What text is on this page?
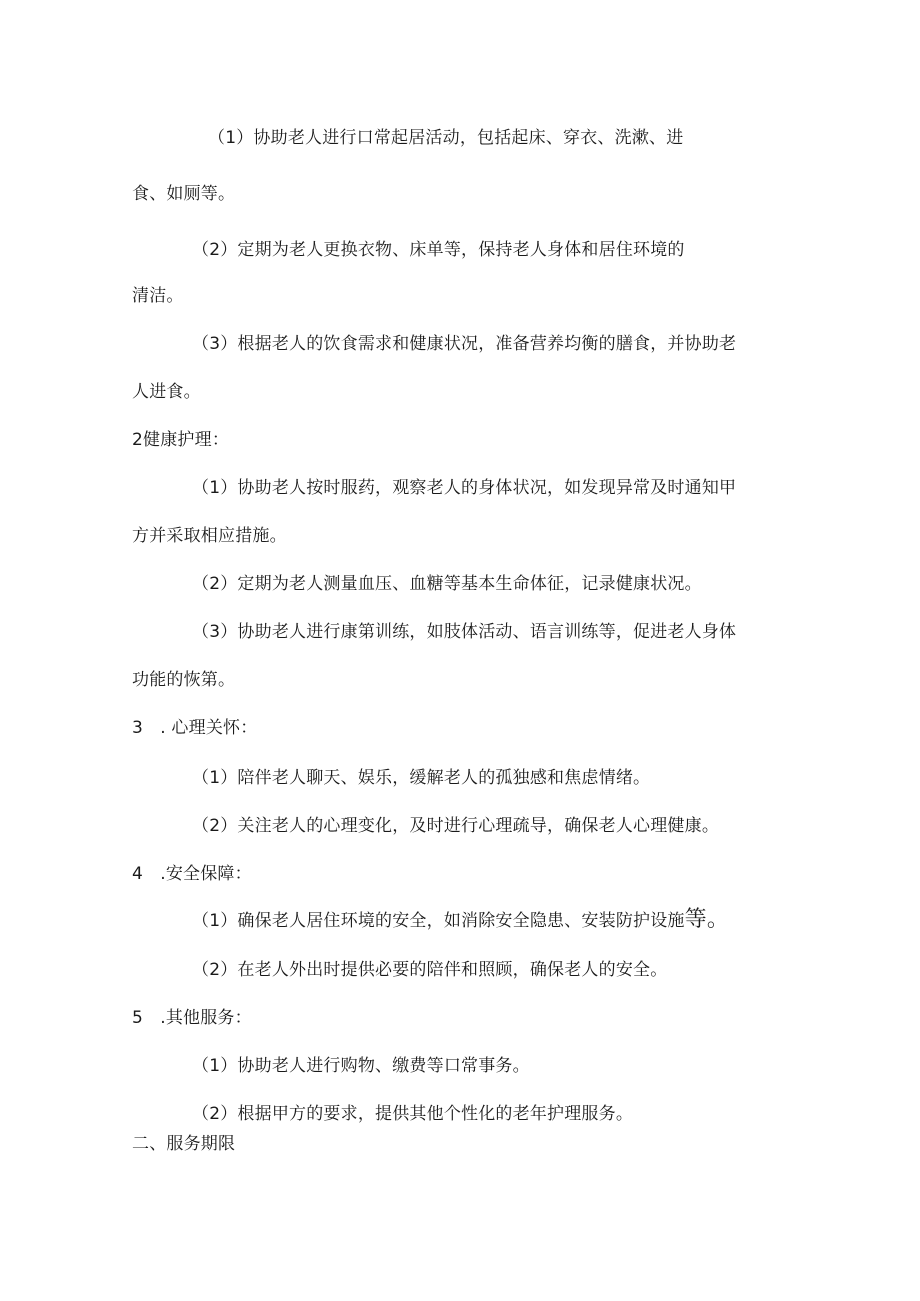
（1）协助老人进行口常起居活动，包括起床、穿衣、洗漱、进
食、如厕等。
（2）定期为老人更换衣物、床单等，保持老人身体和居住环境的
清洁。
（3）根据老人的饮食需求和健康状况，准备营养均衡的膳食，并协助老
人进食。
2健康护理：
（1）协助老人按时服药，观察老人的身体状况，如发现异常及时通知甲
方并采取相应措施。
（2）定期为老人测量血压、血糖等基本生命体征，记录健康状况。
（3）协助老人进行康第训练，如肢体活动、语言训练等，促进老人身体
功能的恢第。
3　. 心理关怀：
（1）陪伴老人聊天、娱乐，缓解老人的孤独感和焦虑情绪。
（2）关注老人的心理变化，及时进行心理疏导，确保老人心理健康。
4　.安全保障：
（1）确保老人居住环境的安全，如消除安全隐患、安装防护设施等。
（2）在老人外出时提供必要的陪伴和照顾，确保老人的安全。
5　.其他服务：
（1）协助老人进行购物、缴费等口常事务。
（2）根据甲方的要求，提供其他个性化的老年护理服务。
二、服务期限
